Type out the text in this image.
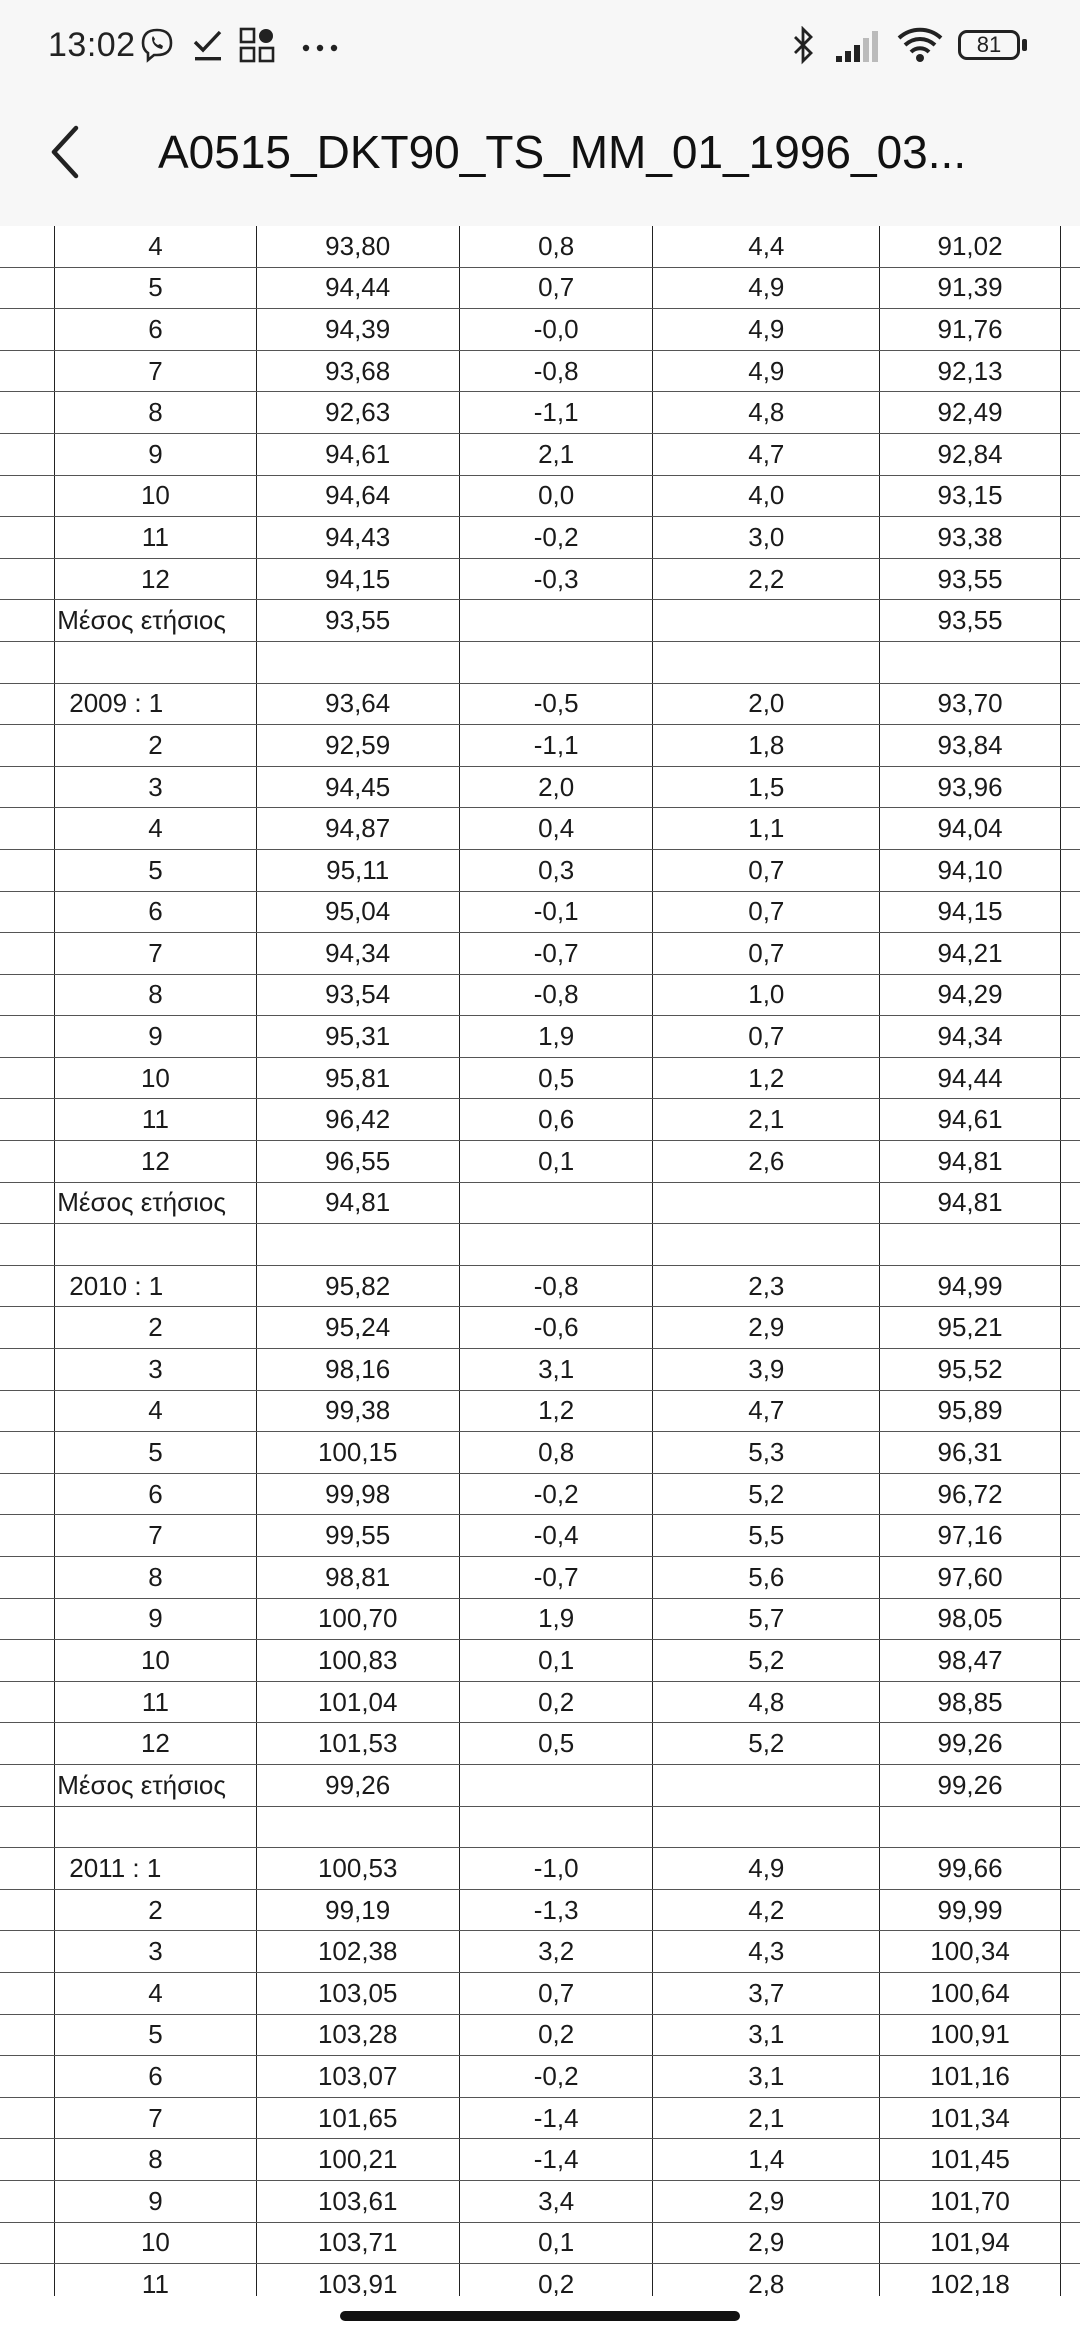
13:02	81
A0515_DKT90_TS_MM_01_1996_03...
	4	93,80	0,8	4,4	91,02	
	5	94,44	0,7	4,9	91,39	
	6	94,39	-0,0	4,9	91,76	
	7	93,68	-0,8	4,9	92,13	
	8	92,63	-1,1	4,8	92,49	
	9	94,61	2,1	4,7	92,84	
	10	94,64	0,0	4,0	93,15	
	11	94,43	-0,2	3,0	93,38	
	12	94,15	-0,3	2,2	93,55	
	Μέσος ετήσιος	93,55			93,55	

	2009 : 1	93,64	-0,5	2,0	93,70	
	2	92,59	-1,1	1,8	93,84	
	3	94,45	2,0	1,5	93,96	
	4	94,87	0,4	1,1	94,04	
	5	95,11	0,3	0,7	94,10	
	6	95,04	-0,1	0,7	94,15	
	7	94,34	-0,7	0,7	94,21	
	8	93,54	-0,8	1,0	94,29	
	9	95,31	1,9	0,7	94,34	
	10	95,81	0,5	1,2	94,44	
	11	96,42	0,6	2,1	94,61	
	12	96,55	0,1	2,6	94,81	
	Μέσος ετήσιος	94,81			94,81	

	2010 : 1	95,82	-0,8	2,3	94,99	
	2	95,24	-0,6	2,9	95,21	
	3	98,16	3,1	3,9	95,52	
	4	99,38	1,2	4,7	95,89	
	5	100,15	0,8	5,3	96,31	
	6	99,98	-0,2	5,2	96,72	
	7	99,55	-0,4	5,5	97,16	
	8	98,81	-0,7	5,6	97,60	
	9	100,70	1,9	5,7	98,05	
	10	100,83	0,1	5,2	98,47	
	11	101,04	0,2	4,8	98,85	
	12	101,53	0,5	5,2	99,26	
	Μέσος ετήσιος	99,26			99,26	

	2011 : 1	100,53	-1,0	4,9	99,66	
	2	99,19	-1,3	4,2	99,99	
	3	102,38	3,2	4,3	100,34	
	4	103,05	0,7	3,7	100,64	
	5	103,28	0,2	3,1	100,91	
	6	103,07	-0,2	3,1	101,16	
	7	101,65	-1,4	2,1	101,34	
	8	100,21	-1,4	1,4	101,45	
	9	103,61	3,4	2,9	101,70	
	10	103,71	0,1	2,9	101,94	
	11	103,91	0,2	2,8	102,18	
